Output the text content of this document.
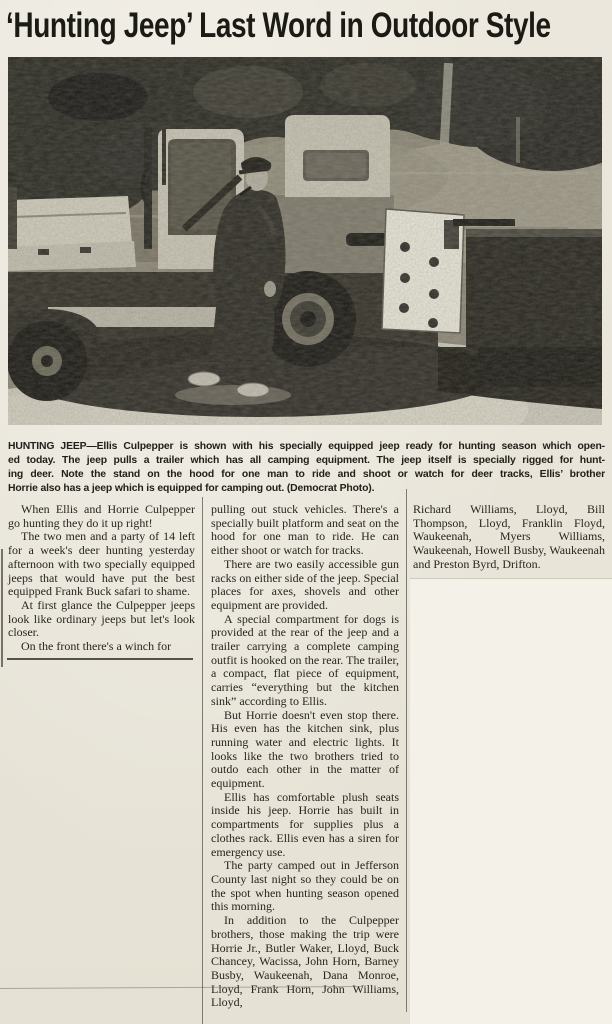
‘Hunting Jeep’ Last Word in Outdoor Style
HUNTING JEEP—Ellis Culpepper is shown with his specially equipped jeep ready for hunting season which open-
ed today. The jeep pulls a trailer which has all camping equipment. The jeep itself is specially rigged for hunt-
ing deer. Note the stand on the hood for one man to ride and shoot or watch for deer tracks, Ellis’ brother
Horrie also has a jeep which is equipped for camping out. (Democrat Photo).

When Ellis and Horrie Culpepper go hunting they do it up right!

The two men and a party of 14 left for a week's deer hunting yesterday afternoon with two specially equipped jeeps that would have put the best equipped Frank Buck safari to shame.

At first glance the Culpepper jeeps look like ordinary jeeps but let's look closer.

On the front there's a winch for

pulling out stuck vehicles. There's a specially built platform and seat on the hood for one man to ride. He can either shoot or watch for tracks.

There are two easily accessible gun racks on either side of the jeep. Special places for axes, shovels and other equipment are provided.

A special compartment for dogs is provided at the rear of the jeep and a trailer carrying a complete camping outfit is hooked on the rear. The trailer, a compact, flat piece of equipment, carries “everything but the kitchen sink” according to Ellis.

But Horrie doesn't even stop there. His even has the kitchen sink, plus running water and electric lights. It looks like the two brothers tried to outdo each other in the matter of equipment.

Ellis has comfortable plush seats inside his jeep. Horrie has built in compartments for supplies plus a clothes rack. Ellis even has a siren for emergency use.

The party camped out in Jefferson County last night so they could be on the spot when hunting season opened this morning.

In addition to the Culpepper brothers, those making the trip were Horrie Jr., Butler Waker, Lloyd, Buck Chancey, Wacissa, John Horn, Barney Busby, Waukeenah, Dana Monroe, Lloyd, Frank Horn, John Williams, Lloyd,

Richard Williams, Lloyd, Bill Thompson, Lloyd, Franklin Floyd, Waukeenah, Myers Williams, Waukeenah, Howell Busby, Waukeenah and Preston Byrd, Drifton.
